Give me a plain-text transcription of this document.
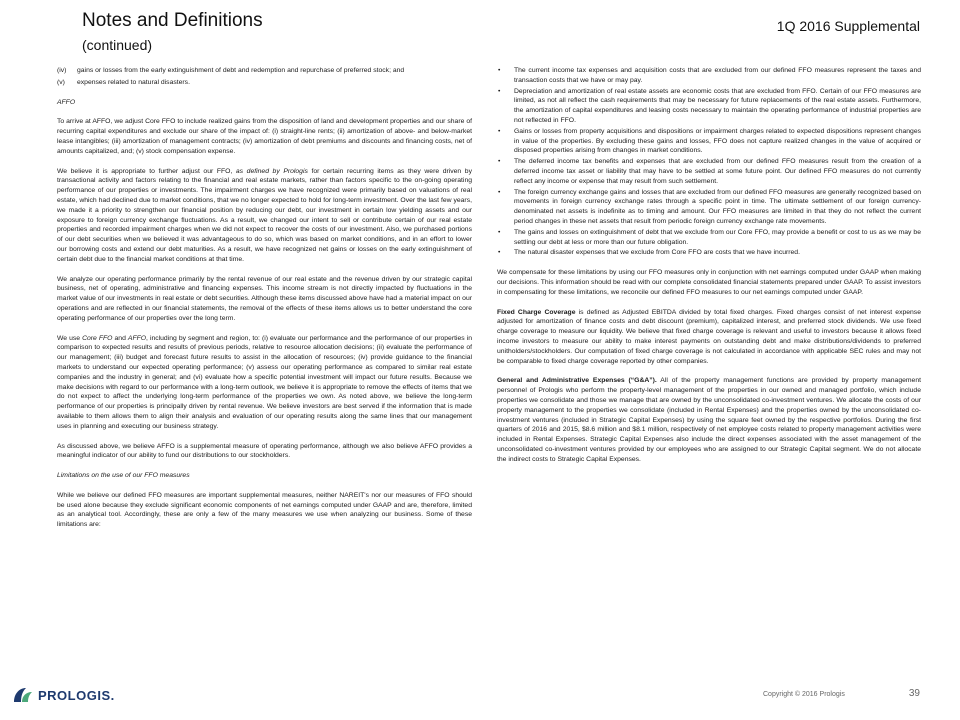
Notes and Definitions
(continued)
1Q 2016 Supplemental
(iv)	gains or losses from the early extinguishment of debt and redemption and repurchase of preferred stock; and
(v)	expenses related to natural disasters.

AFFO

To arrive at AFFO, we adjust Core FFO to include realized gains from the disposition of land and development properties and our share of recurring capital expenditures and exclude our share of the impact of: (i) straight-line rents; (ii) amortization of above- and below-market lease intangibles; (iii) amortization of management contracts; (iv) amortization of debt premiums and discounts and financing costs, net of amounts capitalized, and; (v) stock compensation expense.

We believe it is appropriate to further adjust our FFO, as defined by Prologis for certain recurring items as they were driven by transactional activity and factors relating to the financial and real estate markets, rather than factors specific to the on-going operating performance of our properties or investments. The impairment charges we have recognized were primarily based on valuations of real estate, which had declined due to market conditions, that we no longer expected to hold for long-term investment. Over the last few years, we made it a priority to strengthen our financial position by reducing our debt, our investment in certain low yielding assets and our exposure to foreign currency exchange fluctuations. As a result, we changed our intent to sell or contribute certain of our real estate properties and recorded impairment charges when we did not expect to recover the costs of our investment. Also, we purchased portions of our debt securities when we believed it was advantageous to do so, which was based on market conditions, and in an effort to lower our borrowing costs and extend our debt maturities. As a result, we have recognized net gains or losses on the early extinguishment of certain debt due to the financial market conditions at that time.

We analyze our operating performance primarily by the rental revenue of our real estate and the revenue driven by our strategic capital business, net of operating, administrative and financing expenses. This income stream is not directly impacted by fluctuations in the market value of our investments in real estate or debt securities. Although these items discussed above have had a material impact on our operations and are reflected in our financial statements, the removal of the effects of these items allows us to better understand the core operating performance of our properties over the long term.

We use Core FFO and AFFO, including by segment and region, to: (i) evaluate our performance and the performance of our properties in comparison to expected results and results of previous periods, relative to resource allocation decisions; (ii) evaluate the performance of our management; (iii) budget and forecast future results to assist in the allocation of resources; (iv) provide guidance to the financial markets to understand our expected operating performance; (v) assess our operating performance as compared to similar real estate companies and the industry in general; and (vi) evaluate how a specific potential investment will impact our future results. Because we make decisions with regard to our performance with a long-term outlook, we believe it is appropriate to remove the effects of items that we do not expect to affect the underlying long-term performance of the properties we own. As noted above, we believe the long-term performance of our properties is principally driven by rental revenue. We believe investors are best served if the information that is made available to them allows them to align their analysis and evaluation of our operating results along the same lines that our management uses in planning and executing our business strategy.

As discussed above, we believe AFFO is a supplemental measure of operating performance, although we also believe AFFO provides a meaningful indicator of our ability to fund our distributions to our stockholders.

Limitations on the use of our FFO measures

While we believe our defined FFO measures are important supplemental measures, neither NAREIT's nor our measures of FFO should be used alone because they exclude significant economic components of net earnings computed under GAAP and are, therefore, limited as an analytical tool. Accordingly, these are only a few of the many measures we use when analyzing our business. Some of these limitations are:

• The current income tax expenses and acquisition costs that are excluded from our defined FFO measures represent the taxes and transaction costs that we have or may pay.
• Depreciation and amortization of real estate assets are economic costs that are excluded from FFO. Certain of our FFO measures are limited, as not all reflect the cash requirements that may be necessary for future replacements of the real estate assets. Furthermore, the amortization of capital expenditures and leasing costs necessary to maintain the operating performance of industrial properties are not reflected in FFO.
• Gains or losses from property acquisitions and dispositions or impairment charges related to expected dispositions represent changes in value of the properties. By excluding these gains and losses, FFO does not capture realized changes in the value of acquired or disposed properties arising from changes in market conditions.
• The deferred income tax benefits and expenses that are excluded from our defined FFO measures result from the creation of a deferred income tax asset or liability that may have to be settled at some future point. Our defined FFO measures do not currently reflect any income or expense that may result from such settlement.
• The foreign currency exchange gains and losses that are excluded from our defined FFO measures are generally recognized based on movements in foreign currency exchange rates through a specific point in time. The ultimate settlement of our foreign currency-denominated net assets is indefinite as to timing and amount. Our FFO measures are limited in that they do not reflect the current period changes in these net assets that result from periodic foreign currency exchange rate movements.
• The gains and losses on extinguishment of debt that we exclude from our Core FFO, may provide a benefit or cost to us as we may be settling our debt at less or more than our future obligation.
• The natural disaster expenses that we exclude from Core FFO are costs that we have incurred.

We compensate for these limitations by using our FFO measures only in conjunction with net earnings computed under GAAP when making our decisions. This information should be read with our complete consolidated financial statements prepared under GAAP. To assist investors in compensating for these limitations, we reconcile our defined FFO measures to our net earnings computed under GAAP.

Fixed Charge Coverage is defined as Adjusted EBITDA divided by total fixed charges. Fixed charges consist of net interest expense adjusted for amortization of finance costs and debt discount (premium), capitalized interest, and preferred stock dividends. We use fixed charge coverage to measure our liquidity. We believe that fixed charge coverage is relevant and useful to investors because it allows fixed income investors to measure our ability to make interest payments on outstanding debt and make distributions/dividends to preferred unitholders/stockholders. Our computation of fixed charge coverage is not calculated in accordance with applicable SEC rules and may not be comparable to fixed charge coverage reported by other companies.

General and Administrative Expenses (“G&A”). All of the property management functions are provided by property management personnel of Prologis who perform the property-level management of the properties in our owned and managed portfolio, which include properties we consolidate and those we manage that are owned by the unconsolidated co-investment ventures. We allocate the costs of our property management to the properties we consolidate (included in Rental Expenses) and the properties owned by the unconsolidated co-investment ventures (included in Strategic Capital Expenses) by using the square feet owned by the respective portfolios. During the first quarters of 2016 and 2015, $8.6 million and $8.1 million, respectively of net employee costs related to property management activities were included in Rental Expenses. Strategic Capital Expenses also include the direct expenses associated with the asset management of the unconsolidated co-investment ventures provided by our employees who are assigned to our Strategic Capital segment. We do not allocate the indirect costs to Strategic Capital Expenses.

PROLOGIS.	Copyright © 2016 Prologis	39
